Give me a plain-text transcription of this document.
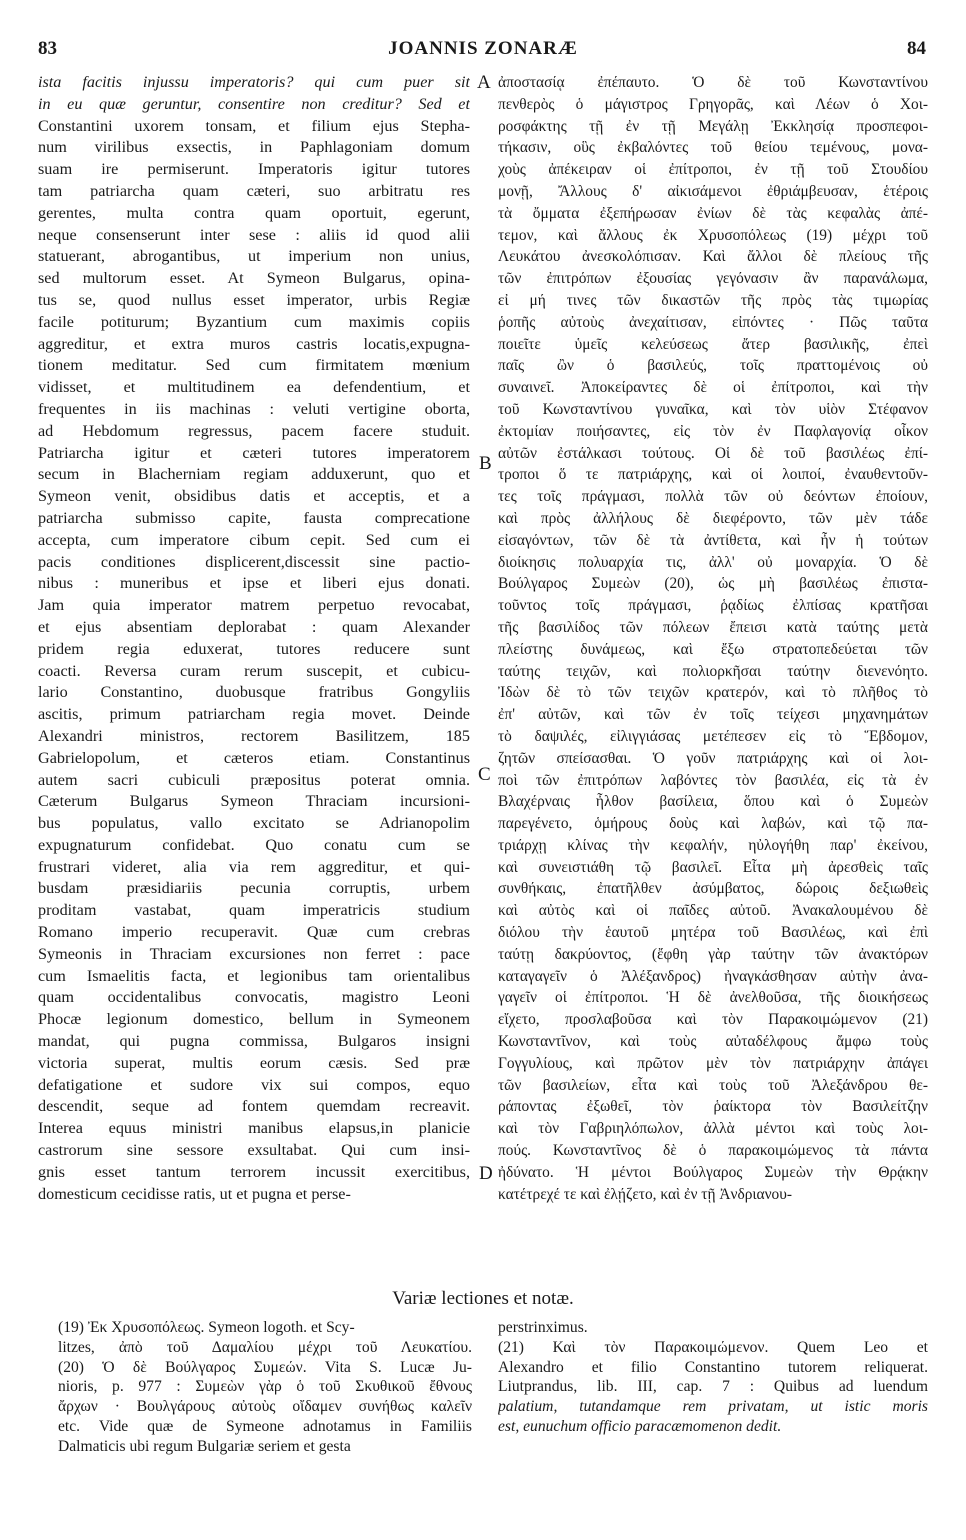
83	JOANNIS ZONARÆ	84
ista facitis injussu imperatoris? qui cum puer sit
in eu quæ geruntur, consentire non creditur? Sed et
Constantini uxorem tonsam, et filium ejus Stepha-
num virilibus exsectis, in Paphlagoniam domum
suam ire permiserunt. Imperatoris igitur tutores
tam patriarcha quam cæteri, suo arbitratu res
gerentes, multa contra quam oportuit, egerunt,
neque consenserunt inter sese : aliis id quod alii
statuerant, abrogantibus, ut imperium non unius,
sed multorum esset. At Symeon Bulgarus, opina-
tus se, quod nullus esset imperator, urbis Regiæ
facile potiturum; Byzantium cum maximis copiis
aggreditur, et extra muros castris locatis,expugna-
tionem meditatur. Sed cum firmitatem mœnium
vidisset, et multitudinem ea defendentium, et
frequentes in iis machinas : veluti vertigine oborta,
ad Hebdomum regressus, pacem facere studuit.
Patriarcha igitur et cæteri tutores imperatorem
secum in Blacherniam regiam adduxerunt, quo et
Symeon venit, obsidibus datis et acceptis, et a
patriarcha submisso capite, fausta comprecatione
accepta, cum imperatore cibum cepit. Sed cum ei
pacis conditiones displicerent,discessit sine pactio-
nibus : muneribus et ipse et liberi ejus donati.
Jam quia imperator matrem perpetuo revocabat,
et ejus absentiam deplorabat : quam Alexander
pridem regia eduxerat, tutores reducere sunt
coacti. Reversa curam rerum suscepit, et cubicu-
lario Constantino, duobusque fratribus Gongyliis
ascitis, primum patriarcham regia movet. Deinde
Alexandri ministros, rectorem Basilitzem, 185
Gabrielopolum, et cæteros etiam. Constantinus
autem sacri cubiculi præpositus poterat omnia.
Cæterum Bulgarus Symeon Thraciam incursioni-
bus populatus, vallo excitato se Adrianopolim
expugnaturum confidebat. Quo conatu cum se
frustrari videret, alia via rem aggreditur, et qui-
busdam præsidiariis pecunia corruptis, urbem
proditam vastabat, quam imperatricis studium
Romano imperio recuperavit. Quæ cum crebras
Symeonis in Thraciam excursiones non ferret : pace
cum Ismaelitis facta, et legionibus tam orientalibus
quam occidentalibus convocatis, magistro Leoni
Phocæ legionum domestico, bellum in Symeonem
mandat, qui pugna commissa, Bulgaros insigni
victoria superat, multis eorum cæsis. Sed præ
defatigatione et sudore vix sui compos, equo
descendit, seque ad fontem quemdam recreavit.
Interea equus ministri manibus elapsus,in planicie
castrorum sine sessore exsultabat. Qui cum insi-
gnis esset tantum terrorem incussit exercitibus,
domesticum cecidisse ratis, ut et pugna et perse-
ἀποστασίᾳ ἐπέπαυτο. Ὁ δὲ τοῦ Κωνσταντίνου
πενθερὸς ὁ μάγιστρος Γρηγορᾶς, καὶ Λέων ὁ Χοι-
ροσφάκτης τῇ ἐν τῇ Μεγάλῃ Ἐκκλησίᾳ προσπεφοι-
τήκασιν, οὓς ἐκβαλόντες τοῦ θείου τεμένους, μονα-
χοὺς ἀπέκειραν οἱ ἐπίτροποι, ἐν τῇ τοῦ Στουδίου
μονῇ, Ἄλλους δ' αἰκισάμενοι ἐθριάμβευσαν, ἑτέροις
τὰ ὄμματα ἐξεπήρωσαν ἐνίων δὲ τὰς κεφαλὰς ἀπέ-
τεμον, καὶ ἄλλους ἐκ Χρυσοπόλεως (19) μέχρι τοῦ
Λευκάτου ἀνεσκολόπισαν. Καὶ ἄλλοι δὲ πλείους τῆς
τῶν ἐπιτρόπων ἐξουσίας γεγόνασιν ἂν παρανάλωμα,
εἰ μή τινες τῶν δικαστῶν τῆς πρὸς τὰς τιμωρίας
ῥοπῆς αὐτοὺς ἀνεχαίτισαν, εἰπόντες · Πῶς ταῦτα
ποιεῖτε ὑμεῖς κελεύσεως ἄτερ βασιλικῆς, ἐπεὶ
παῖς ὢν ὁ βασιλεύς, τοῖς πραττομένοις οὐ
συναινεῖ. Ἀποκείραντες δὲ οἱ ἐπίτροποι, καὶ τὴν
τοῦ Κωνσταντίνου γυναῖκα, καὶ τὸν υἱὸν Στέφανον
ἐκτομίαν ποιήσαντες, εἰς τὸν ἐν Παφλαγονίᾳ οἶκον
αὐτῶν ἐστάλκασι τούτους. Οἱ δὲ τοῦ βασιλέως ἐπί-
τροποι ὅ τε πατριάρχης, καὶ οἱ λοιποί, ἐναυθεντοῦν-
τες τοῖς πράγμασι, πολλὰ τῶν οὐ δεόντων ἐποίουν,
καὶ πρὸς ἀλλήλους δὲ διεφέροντο, τῶν μὲν τάδε
εἰσαγόντων, τῶν δὲ τὰ ἀντίθετα, καὶ ἦν ἡ τούτων
διοίκησις πολυαρχία τις, ἀλλ' οὐ μοναρχία. Ὁ δὲ
Βούλγαρος Συμεὼν (20), ὡς μὴ βασιλέως ἐπιστα-
τοῦντος τοῖς πράγμασι, ῥᾳδίως ἐλπίσας κρατῆσαι
τῆς βασιλίδος τῶν πόλεων ἔπεισι κατὰ ταύτης μετὰ
πλείστης δυνάμεως, καὶ ἔξω στρατοπεδεύεται τῶν
ταύτης τειχῶν, καὶ πολιορκῆσαι ταύτην διενενόητο.
Ἰδὼν δὲ τὸ τῶν τειχῶν κρατερόν, καὶ τὸ πλῆθος τὸ
ἐπ' αὐτῶν, καὶ τῶν ἐν τοῖς τείχεσι μηχανημάτων
τὸ δαψιλές, εἰλιγγιάσας μετέπεσεν εἰς τὸ Ἕβδομον,
ζητῶν σπείσασθαι. Ὁ γοῦν πατριάρχης καὶ οἱ λοι-
ποὶ τῶν ἐπιτρόπων λαβόντες τὸν βασιλέα, εἰς τὰ ἐν
Βλαχέρναις ἦλθον βασίλεια, ὅπου καὶ ὁ Συμεὼν
παρεγένετο, ὁμήρους δοὺς καὶ λαβών, καὶ τῷ πα-
τριάρχῃ κλίνας τὴν κεφαλήν, ηὐλογήθη παρ' ἐκείνου,
καὶ συνειστιάθη τῷ βασιλεῖ. Εἶτα μὴ ἀρεσθεὶς ταῖς
συνθήκαις, ἐπατῆλθεν ἀσύμβατος, δώροις δεξιωθεὶς
καὶ αὐτὸς καὶ οἱ παῖδες αὐτοῦ. Ἀνακαλουμένου δὲ
διόλου τὴν ἑαυτοῦ μητέρα τοῦ Βασιλέως, καὶ ἐπὶ
ταύτῃ δακρύοντος, (ἔφθη γὰρ ταύτην τῶν ἀνακτόρων
καταγαγεῖν ὁ Ἀλέξανδρος) ἠναγκάσθησαν αὐτὴν ἀνα-
γαγεῖν οἱ ἐπίτροποι. Ἡ δὲ ἀνελθοῦσα, τῆς διοικήσεως
εἴχετο, προσλαβοῦσα καὶ τὸν Παρακοιμώμενον (21)
Κωνσταντῖνον, καὶ τοὺς αὐταδέλφους ἄμφω τοὺς
Γογγυλίους, καὶ πρῶτον μὲν τὸν πατριάρχην ἀπάγει
τῶν βασιλείων, εἶτα καὶ τοὺς τοῦ Ἀλεξάνδρου θε-
ράποντας ἐξωθεῖ, τὸν ῥαίκτορα τὸν Βασιλείτζην
καὶ τὸν Γαβριηλόπωλον, ἀλλὰ μέντοι καὶ τοὺς λοι-
πούς. Κωνσταντῖνος δὲ ὁ παρακοιμώμενος τὰ πάντα
ἠδύνατο. Ἡ μέντοι Βούλγαρος Συμεὼν τὴν Θρᾴκην
κατέτρεχέ τε καὶ ἐλῄζετο, καὶ ἐν τῇ Ἀνδριανου-
A
B
C
D
Variæ lectiones et notæ.
(19) Ἐκ Χρυσοπόλεως. Symeon logoth. et Scy-
litzes, ἀπὸ τοῦ Δαμαλίου μέχρι τοῦ Λευκατίου.
(20) Ὁ δὲ Βούλγαρος Συμεών. Vita S. Lucæ Ju-
nioris, p. 977 : Συμεὼν γὰρ ὁ τοῦ Σκυθικοῦ ἔθνους
ἄρχων · Βουλγάρους αὐτοὺς οἴδαμεν συνήθως καλεῖν
etc. Vide quæ de Symeone adnotamus in Familiis
Dalmaticis ubi regum Bulgariæ seriem et gesta
perstrinximus.
(21) Καὶ τὸν Παρακοιμώμενον. Quem Leo et
Alexandro et filio Constantino tutorem reliquerat.
Liutprandus, lib. III, cap. 7 : Quibus ad luendum
palatium, tutandamque rem privatam, ut istic moris
est, eunuchum officio paracæmomenon dedit.
